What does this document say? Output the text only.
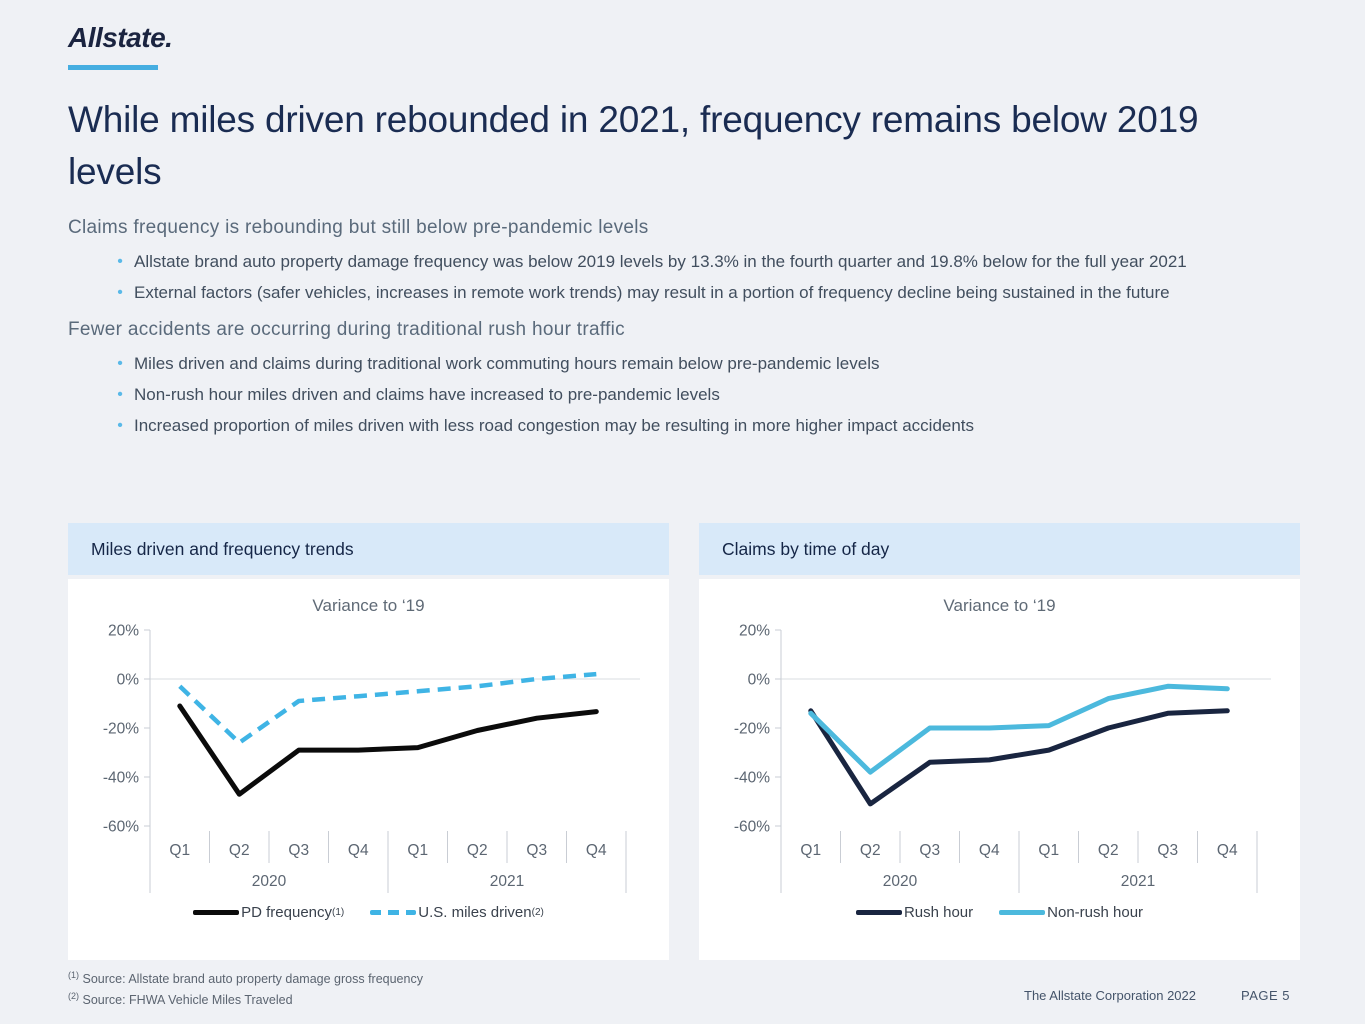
Allstate.
While miles driven rebounded in 2021, frequency remains below 2019 levels
Claims frequency is rebounding but still below pre-pandemic levels
• Allstate brand auto property damage frequency was below 2019 levels by 13.3% in the fourth quarter and 19.8% below for the full year 2021
• External factors (safer vehicles, increases in remote work trends) may result in a portion of frequency decline being sustained in the future
Fewer accidents are occurring during traditional rush hour traffic
• Miles driven and claims during traditional work commuting hours remain below pre-pandemic levels
• Non-rush hour miles driven and claims have increased to pre-pandemic levels
• Increased proportion of miles driven with less road congestion may be resulting in more higher impact accidents
Miles driven and frequency trends
Variance to ‘19
20%
0%
-20%
-40%
-60%
Q1	Q2	Q3	Q4	Q1	Q2	Q3	Q4
2020	2021
PD frequency (1)	U.S. miles driven (2)
Claims by time of day
Variance to ‘19
20%
0%
-20%
-40%
-60%
Q1	Q2	Q3	Q4	Q1	Q2	Q3	Q4
2020	2021
Rush hour	Non-rush hour
$^{(1)}$ Source: Allstate brand auto property damage gross frequency
$^{(2)}$ Source: FHWA Vehicle Miles Traveled	The Allstate Corporation 2022	PAGE 5
